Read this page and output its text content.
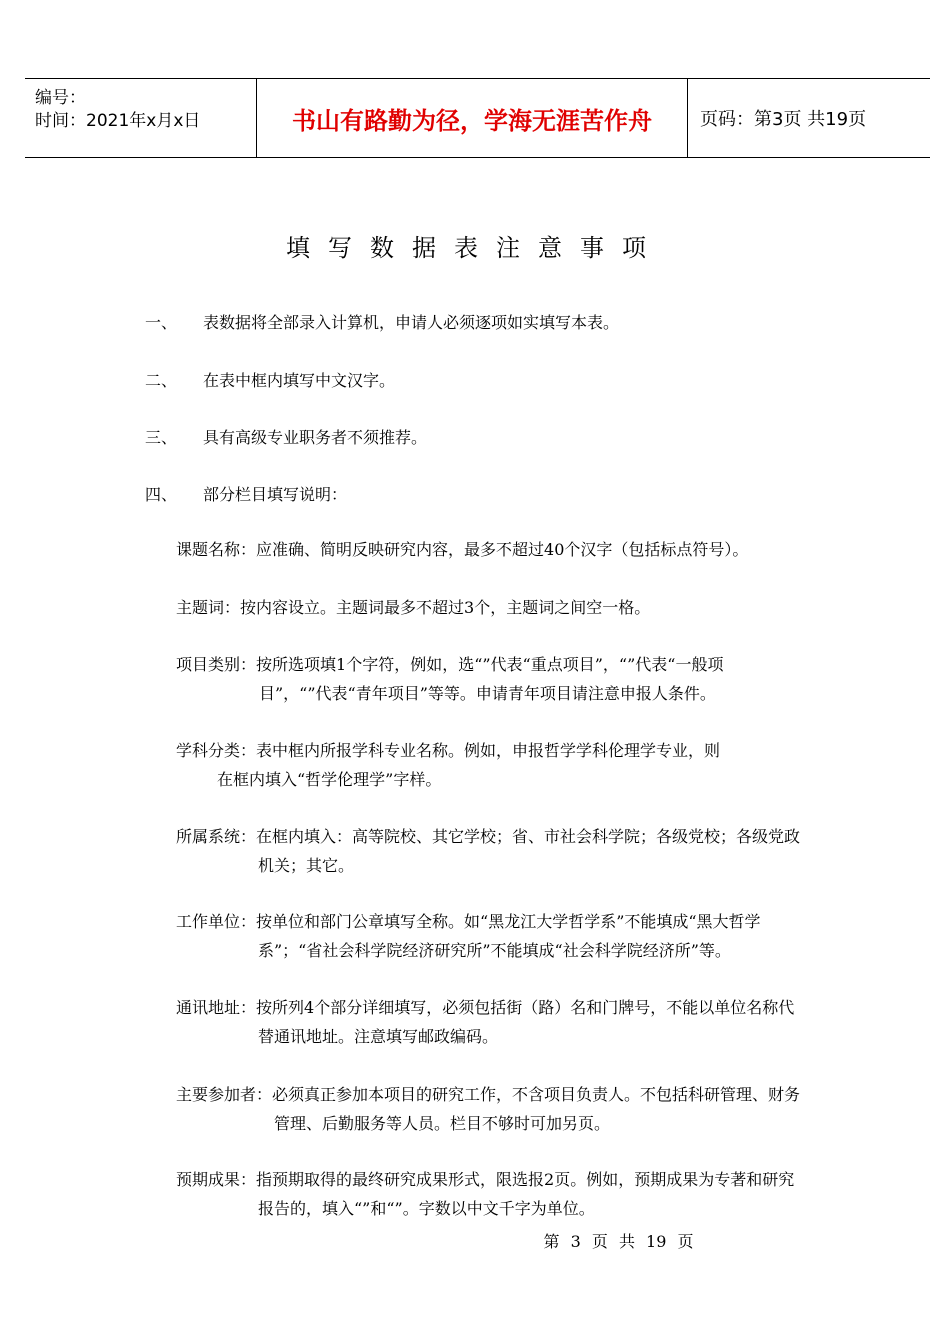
编号：
时间：2021年x月x日	书山有路勤为径，学海无涯苦作舟	页码：第3页 共19页
填写数据表注意事项
一、 表数据将全部录入计算机，申请人必须逐项如实填写本表。
二、 在表中框内填写中文汉字。
三、 具有高级专业职务者不须推荐。
四、 部分栏目填写说明：
课题名称：应准确、简明反映研究内容，最多不超过40个汉字（包括标点符号）。
主题词：按内容设立。主题词最多不超过3个，主题词之间空一格。
项目类别：按所选项填1个字符，例如，选“”代表“重点项目”，“”代表“一般项
目”，“”代表“青年项目”等等。申请青年项目请注意申报人条件。
学科分类：表中框内所报学科专业名称。例如，申报哲学学科伦理学专业，则
在框内填入“哲学伦理学”字样。
所属系统：在框内填入：高等院校、其它学校；省、市社会科学院；各级党校；各级党政
机关；其它。
工作单位：按单位和部门公章填写全称。如“黑龙江大学哲学系”不能填成“黑大哲学
系”；“省社会科学院经济研究所”不能填成“社会科学院经济所”等。
通讯地址：按所列4个部分详细填写，必须包括街（路）名和门牌号，不能以单位名称代
替通讯地址。注意填写邮政编码。
主要参加者：必须真正参加本项目的研究工作，不含项目负责人。不包括科研管理、财务
管理、后勤服务等人员。栏目不够时可加另页。
预期成果：指预期取得的最终研究成果形式，限选报2页。例如，预期成果为专著和研究
报告的，填入“”和“”。字数以中文千字为单位。
第 3 页 共 19 页
